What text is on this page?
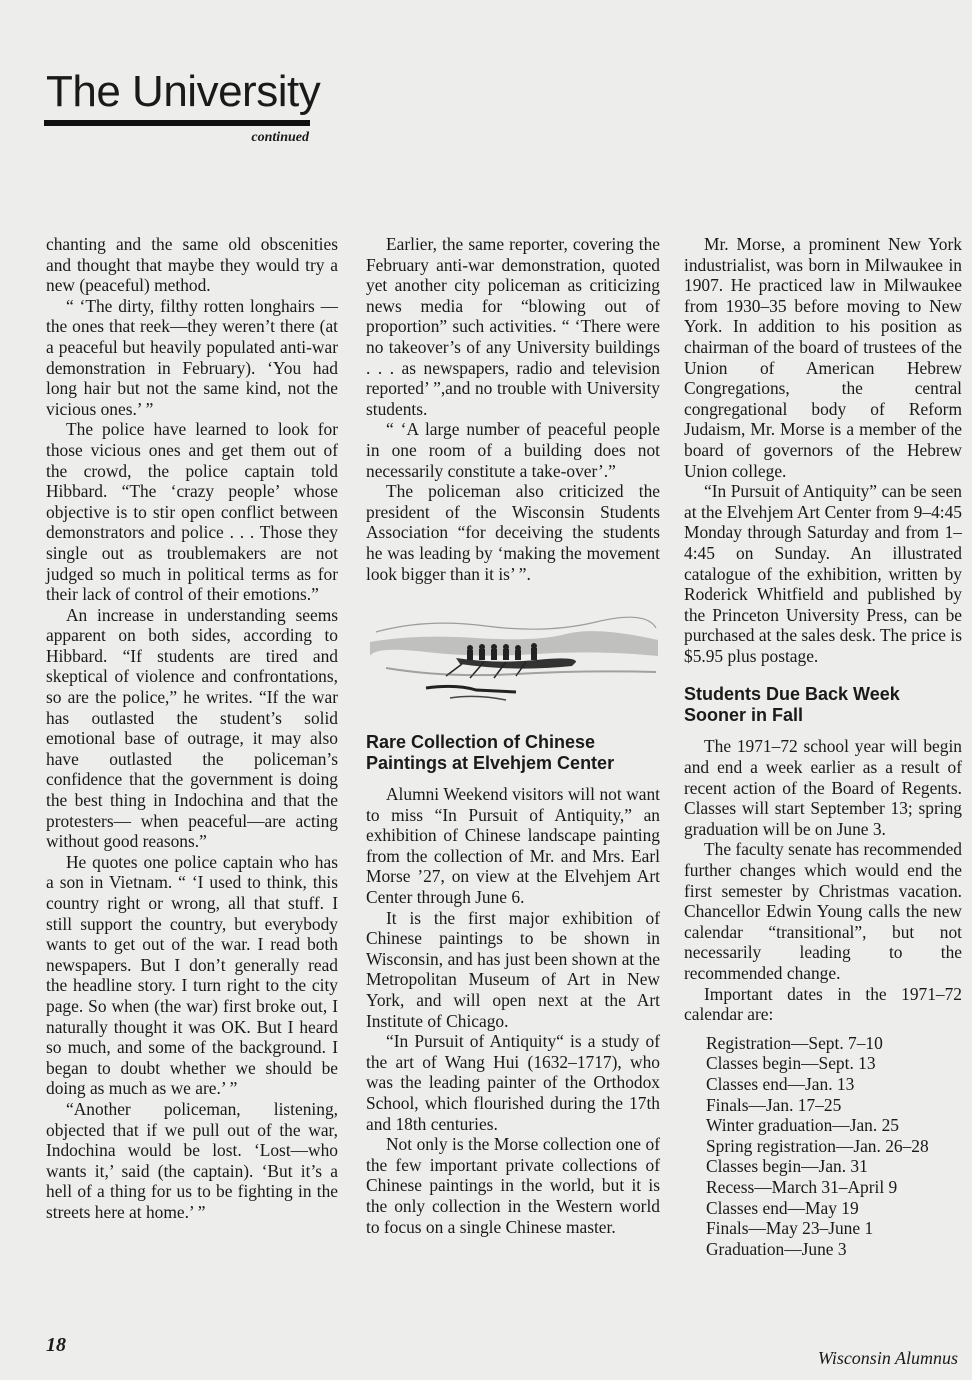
The University
continued

chanting and the same old obscenities and thought that maybe they would try a new (peaceful) method.

“ ‘The dirty, filthy rotten longhairs —the ones that reek—they weren’t there (at a peaceful but heavily populated anti-war demonstration in February). ‘You had long hair but not the same kind, not the vicious ones.’ ”

The police have learned to look for those vicious ones and get them out of the crowd, the police captain told Hibbard. “The ‘crazy people’ whose objective is to stir open conflict between demonstrators and police . . . Those they single out as troublemakers are not judged so much in political terms as for their lack of control of their emotions.”

An increase in understanding seems apparent on both sides, according to Hibbard. “If students are tired and skeptical of violence and confrontations, so are the police,” he writes. “If the war has outlasted the student’s solid emotional base of outrage, it may also have outlasted the policeman’s confidence that the government is doing the best thing in Indochina and that the protesters— when peaceful—are acting without good reasons.”

He quotes one police captain who has a son in Vietnam. “ ‘I used to think, this country right or wrong, all that stuff. I still support the country, but everybody wants to get out of the war. I read both newspapers. But I don’t generally read the headline story. I turn right to the city page. So when (the war) first broke out, I naturally thought it was OK. But I heard so much, and some of the background. I began to doubt whether we should be doing as much as we are.’ ”

“Another policeman, listening, objected that if we pull out of the war, Indochina would be lost. ‘Lost—who wants it,’ said (the captain). ‘But it’s a hell of a thing for us to be fighting in the streets here at home.’ ”

Earlier, the same reporter, covering the February anti-war demonstration, quoted yet another city policeman as criticizing news media for “blowing out of proportion” such activities. “ ‘There were no takeover’s of any University buildings . . . as newspapers, radio and television reported’ ”,and no trouble with University students.

“ ‘A large number of peaceful people in one room of a building does not necessarily constitute a take-over’.”

The policeman also criticized the president of the Wisconsin Students Association “for deceiving the students he was leading by ‘making the movement look bigger than it is’ ”.

Rare Collection of Chinese Paintings at Elvehjem Center

Alumni Weekend visitors will not want to miss “In Pursuit of Antiquity,” an exhibition of Chinese landscape painting from the collection of Mr. and Mrs. Earl Morse ’27, on view at the Elvehjem Art Center through June 6.

It is the first major exhibition of Chinese paintings to be shown in Wisconsin, and has just been shown at the Metropolitan Museum of Art in New York, and will open next at the Art Institute of Chicago.

“In Pursuit of Antiquity“ is a study of the art of Wang Hui (1632–1717), who was the leading painter of the Orthodox School, which flourished during the 17th and 18th centuries.

Not only is the Morse collection one of the few important private collections of Chinese paintings in the world, but it is the only collection in the Western world to focus on a single Chinese master.

Mr. Morse, a prominent New York industrialist, was born in Milwaukee in 1907. He practiced law in Milwaukee from 1930–35 before moving to New York. In addition to his position as chairman of the board of trustees of the Union of American Hebrew Congregations, the central congregational body of Reform Judaism, Mr. Morse is a member of the board of governors of the Hebrew Union college.

“In Pursuit of Antiquity” can be seen at the Elvehjem Art Center from 9–4:45 Monday through Saturday and from 1–4:45 on Sunday. An illustrated catalogue of the exhibition, written by Roderick Whitfield and published by the Princeton University Press, can be purchased at the sales desk. The price is $5.95 plus postage.

Students Due Back Week Sooner in Fall

The 1971–72 school year will begin and end a week earlier as a result of recent action of the Board of Regents. Classes will start September 13; spring graduation will be on June 3.

The faculty senate has recommended further changes which would end the first semester by Christmas vacation. Chancellor Edwin Young calls the new calendar “transitional”, but not necessarily leading to the recommended change.

Important dates in the 1971–72 calendar are:

Registration—Sept. 7–10
Classes begin—Sept. 13
Classes end—Jan. 13
Finals—Jan. 17–25
Winter graduation—Jan. 25
Spring registration—Jan. 26–28
Classes begin—Jan. 31
Recess—March 31–April 9
Classes end—May 19
Finals—May 23–June 1
Graduation—June 3
18
Wisconsin Alumnus
